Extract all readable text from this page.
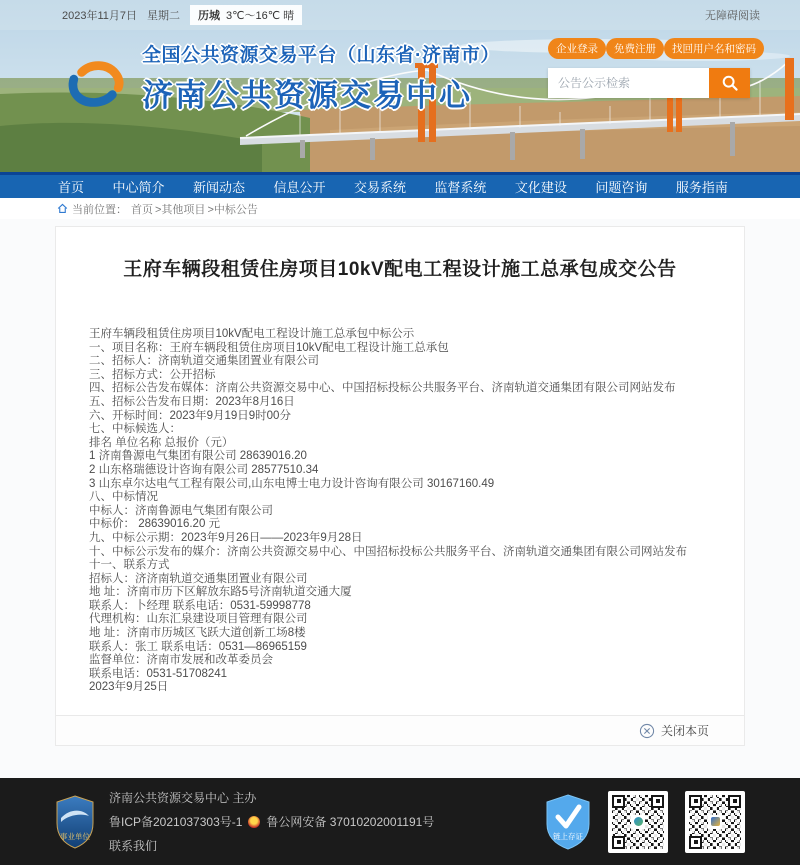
2023年11月7日 星期二 历城 3℃～16℃ 晴	无障碍阅读
全国公共资源交易平台（山东省·济南市）
济南公共资源交易中心
企业登录	免费注册	找回用户名和密码
公告公示检索
首页 中心简介 新闻动态 信息公开 交易系统 监督系统 文化建设 问题咨询 服务指南
当前位置： 首页 >其他项目 >中标公告
王府车辆段租赁住房项目10kV配电工程设计施工总承包成交公告

王府车辆段租赁住房项目10kV配电工程设计施工总承包中标公示

一、项目名称：王府车辆段租赁住房项目10kV配电工程设计施工总承包

二、招标人：济南轨道交通集团置业有限公司

三、招标方式：公开招标

四、招标公告发布媒体：济南公共资源交易中心、中国招标投标公共服务平台、济南轨道交通集团有限公司网站发布

五、招标公告发布日期：2023年8月16日

六、开标时间：2023年9月19日9时00分

七、中标候选人：

排名 单位名称 总报价（元）

1 济南鲁源电气集团有限公司 28639016.20

2 山东格瑞德设计咨询有限公司 28577510.34

3 山东卓尔达电气工程有限公司,山东电博士电力设计咨询有限公司 30167160.49

八、中标情况

中标人：济南鲁源电气集团有限公司

中标价： 28639016.20 元

九、中标公示期：2023年9月26日——2023年9月28日

十、中标公示发布的媒介：济南公共资源交易中心、中国招标投标公共服务平台、济南轨道交通集团有限公司网站发布

十一、联系方式

招标人：济济南轨道交通集团置业有限公司

地 址：济南市历下区解放东路5号济南轨道交通大厦

联系人：卜经理 联系电话：0531-59998778

代理机构：山东汇泉建设项目管理有限公司

地 址：济南市历城区飞跃大道创新工场8楼

联系人：张工 联系电话：0531—86965159

监督单位：济南市发展和改革委员会

联系电话：0531-51708241

2023年9月25日

关闭本页
事业单位
济南公共资源交易中心 主办
鲁ICP备2021037303号-1 鲁公网安备 37010202001191号
联系我们
链上存证
